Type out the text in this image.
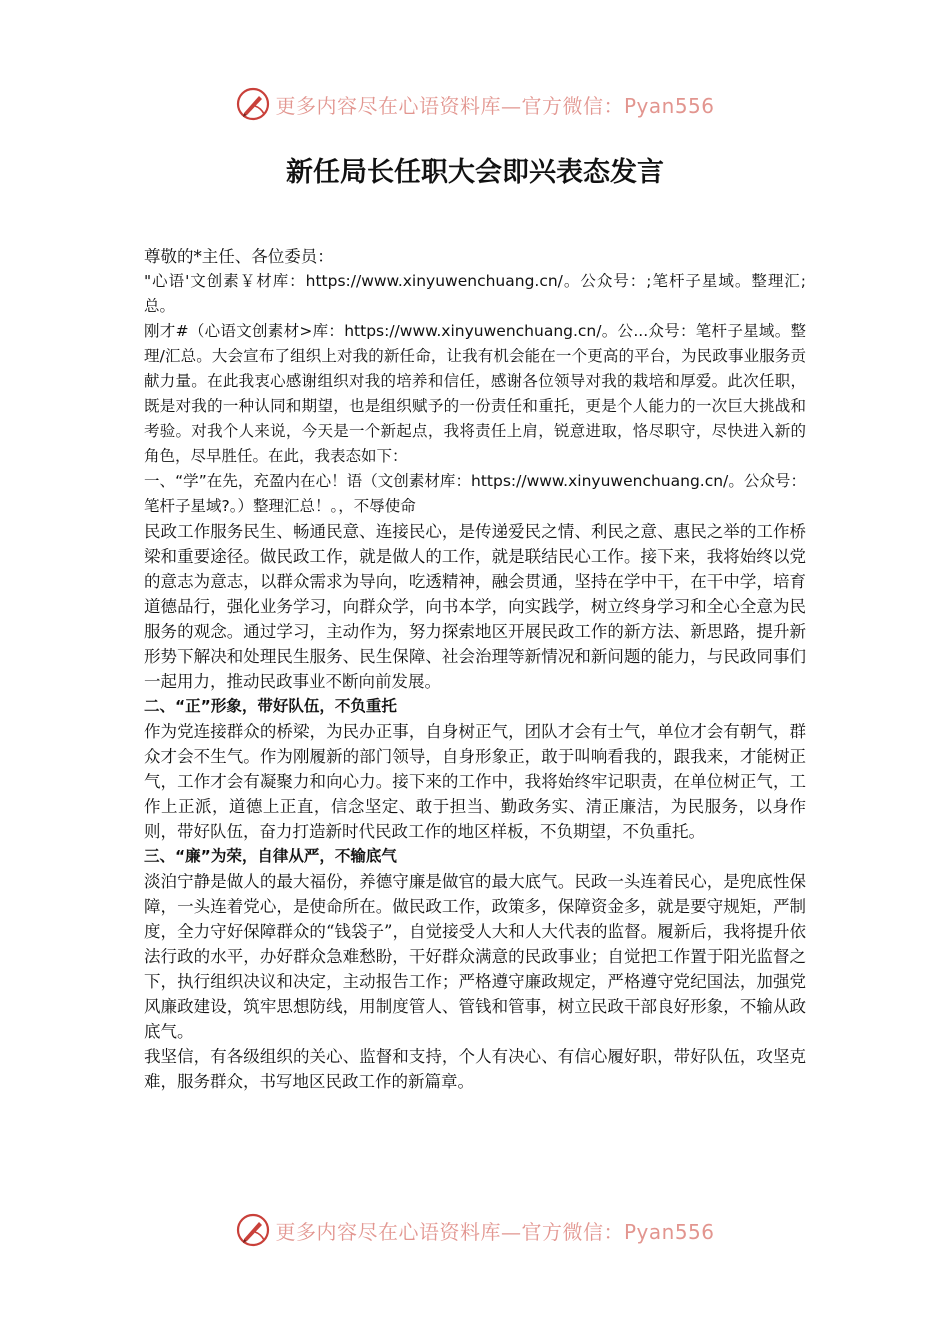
更多内容尽在心语资料库—官方微信：Pyan556
新任局长任职大会即兴表态发言

尊敬的*主任、各位委员：

"心语'文创素￥材库：https://www.xinyuwenchuang.cn/。公众号：;笔杆子星域。整理汇;总。

刚才#（心语文创素材>库：https://www.xinyuwenchuang.cn/。公...众号：笔杆子星域。整理/汇总。大会宣布了组织上对我的新任命，让我有机会能在一个更高的平台，为民政事业服务贡献力量。在此我衷心感谢组织对我的培养和信任，感谢各位领导对我的栽培和厚爱。此次任职，既是对我的一种认同和期望，也是组织赋予的一份责任和重托，更是个人能力的一次巨大挑战和考验。对我个人来说，今天是一个新起点，我将责任上肩，锐意进取，恪尽职守，尽快进入新的角色，尽早胜任。在此，我表态如下：

一、“学”在先，充盈内在心！语（文创素材库：https://www.xinyuwenchuang.cn/。公众号：笔杆子星域?。）整理汇总！。，不辱使命

民政工作服务民生、畅通民意、连接民心，是传递爱民之情、利民之意、惠民之举的工作桥梁和重要途径。做民政工作，就是做人的工作，就是联结民心工作。接下来，我将始终以党的意志为意志，以群众需求为导向，吃透精神，融会贯通，坚持在学中干，在干中学，培育道德品行，强化业务学习，向群众学，向书本学，向实践学，树立终身学习和全心全意为民服务的观念。通过学习，主动作为，努力探索地区开展民政工作的新方法、新思路，提升新形势下解决和处理民生服务、民生保障、社会治理等新情况和新问题的能力，与民政同事们一起用力，推动民政事业不断向前发展。

二、“正”形象，带好队伍，不负重托

作为党连接群众的桥梁，为民办正事，自身树正气，团队才会有士气，单位才会有朝气，群众才会不生气。作为刚履新的部门领导，自身形象正，敢于叫响看我的，跟我来，才能树正气，工作才会有凝聚力和向心力。接下来的工作中，我将始终牢记职责，在单位树正气，工作上正派，道德上正直，信念坚定、敢于担当、勤政务实、清正廉洁，为民服务，以身作则，带好队伍，奋力打造新时代民政工作的地区样板，不负期望，不负重托。

三、“廉”为荣，自律从严，不输底气

淡泊宁静是做人的最大福份，养德守廉是做官的最大底气。民政一头连着民心，是兜底性保障，一头连着党心，是使命所在。做民政工作，政策多，保障资金多，就是要守规矩，严制度，全力守好保障群众的“钱袋子”，自觉接受人大和人大代表的监督。履新后，我将提升依法行政的水平，办好群众急难愁盼，干好群众满意的民政事业；自觉把工作置于阳光监督之下，执行组织决议和决定，主动报告工作；严格遵守廉政规定，严格遵守党纪国法，加强党风廉政建设，筑牢思想防线，用制度管人、管钱和管事，树立民政干部良好形象，不输从政底气。

我坚信，有各级组织的关心、监督和支持，个人有决心、有信心履好职，带好队伍，攻坚克难，服务群众，书写地区民政工作的新篇章。

更多内容尽在心语资料库—官方微信：Pyan556
